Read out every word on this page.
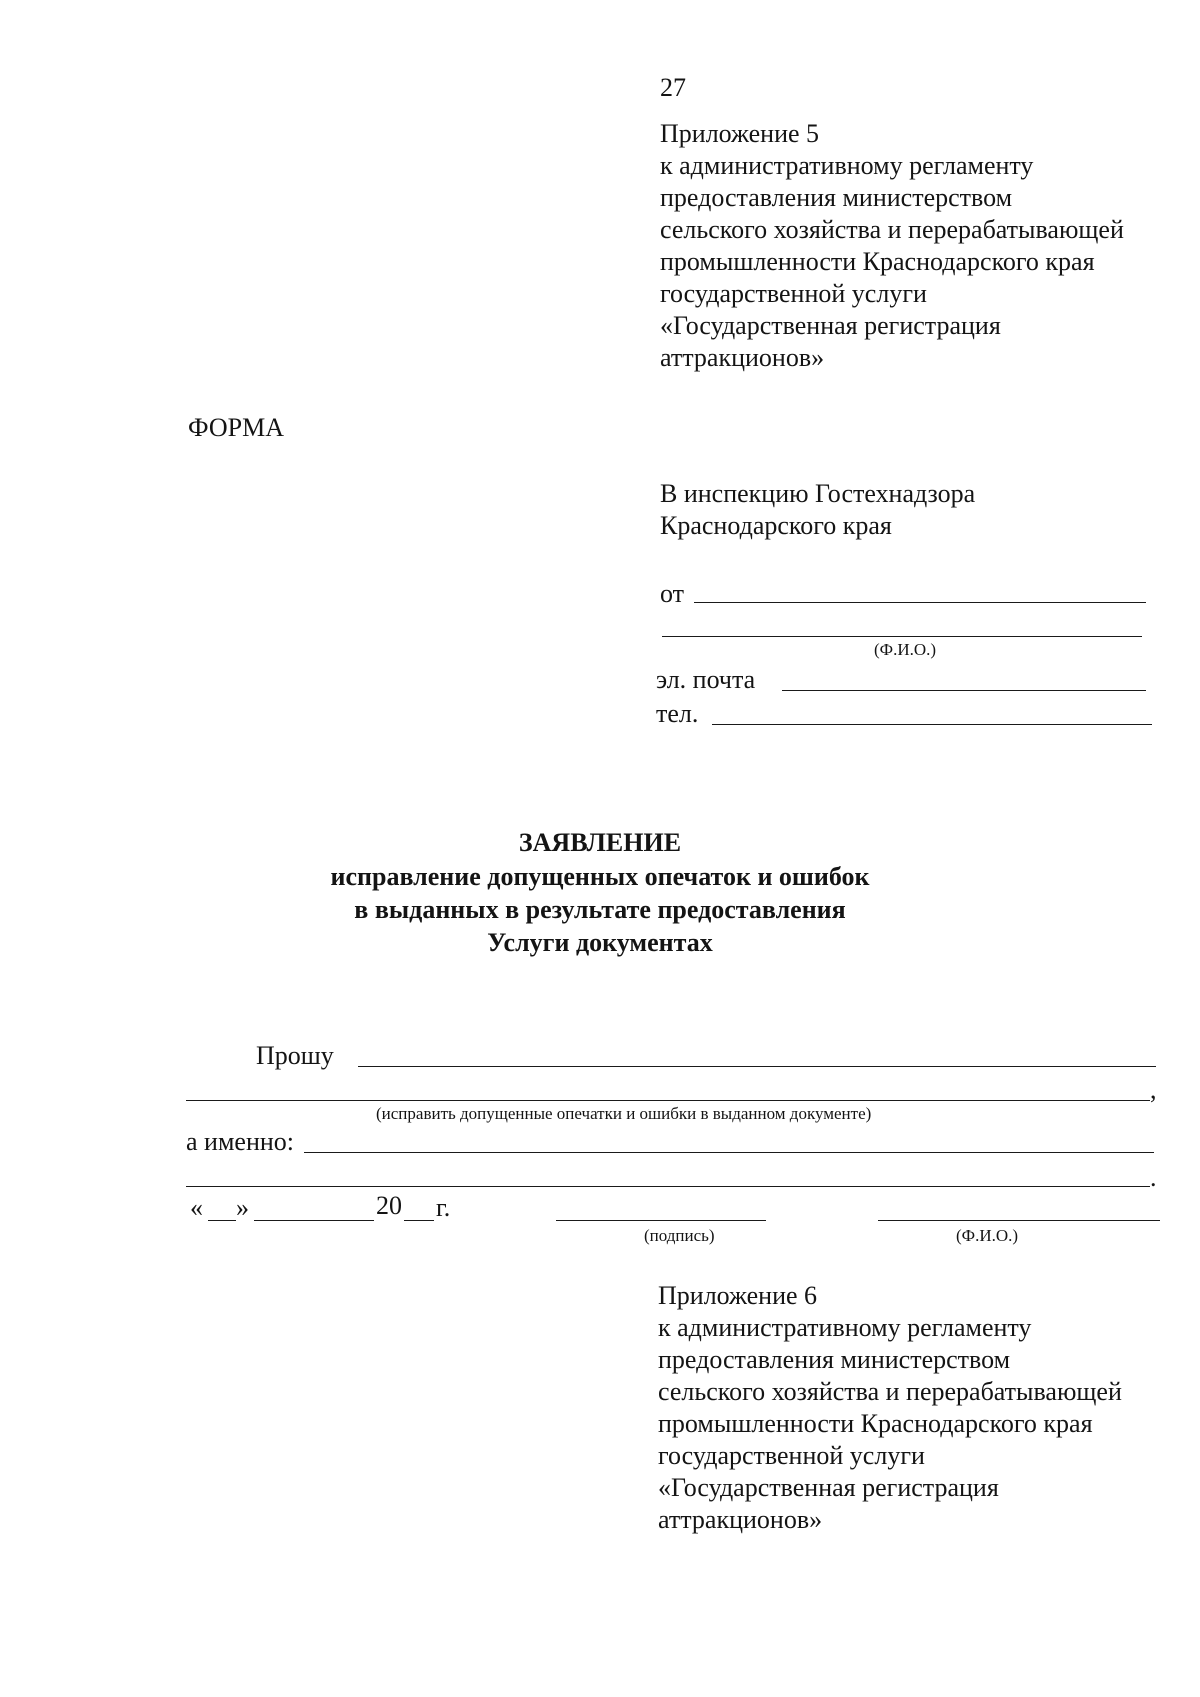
27
Приложение 5
к административному регламенту
предоставления министерством
сельского хозяйства и перерабатывающей
промышленности Краснодарского края
государственной услуги
«Государственная регистрация
аттракционов»
ФОРМА
В инспекцию Гостехнадзора
Краснодарского края
от
(Ф.И.О.)
эл. почта
тел.
ЗАЯВЛЕНИЕ
исправление допущенных опечаток и ошибок
в выданных в результате предоставления
Услуги документах
Прошу
,
(исправить допущенные опечатки и ошибки в выданном документе)
а именно:
.
« »	20 г.
(подпись)	(Ф.И.О.)
Приложение 6
к административному регламенту
предоставления министерством
сельского хозяйства и перерабатывающей
промышленности Краснодарского края
государственной услуги
«Государственная регистрация
аттракционов»
